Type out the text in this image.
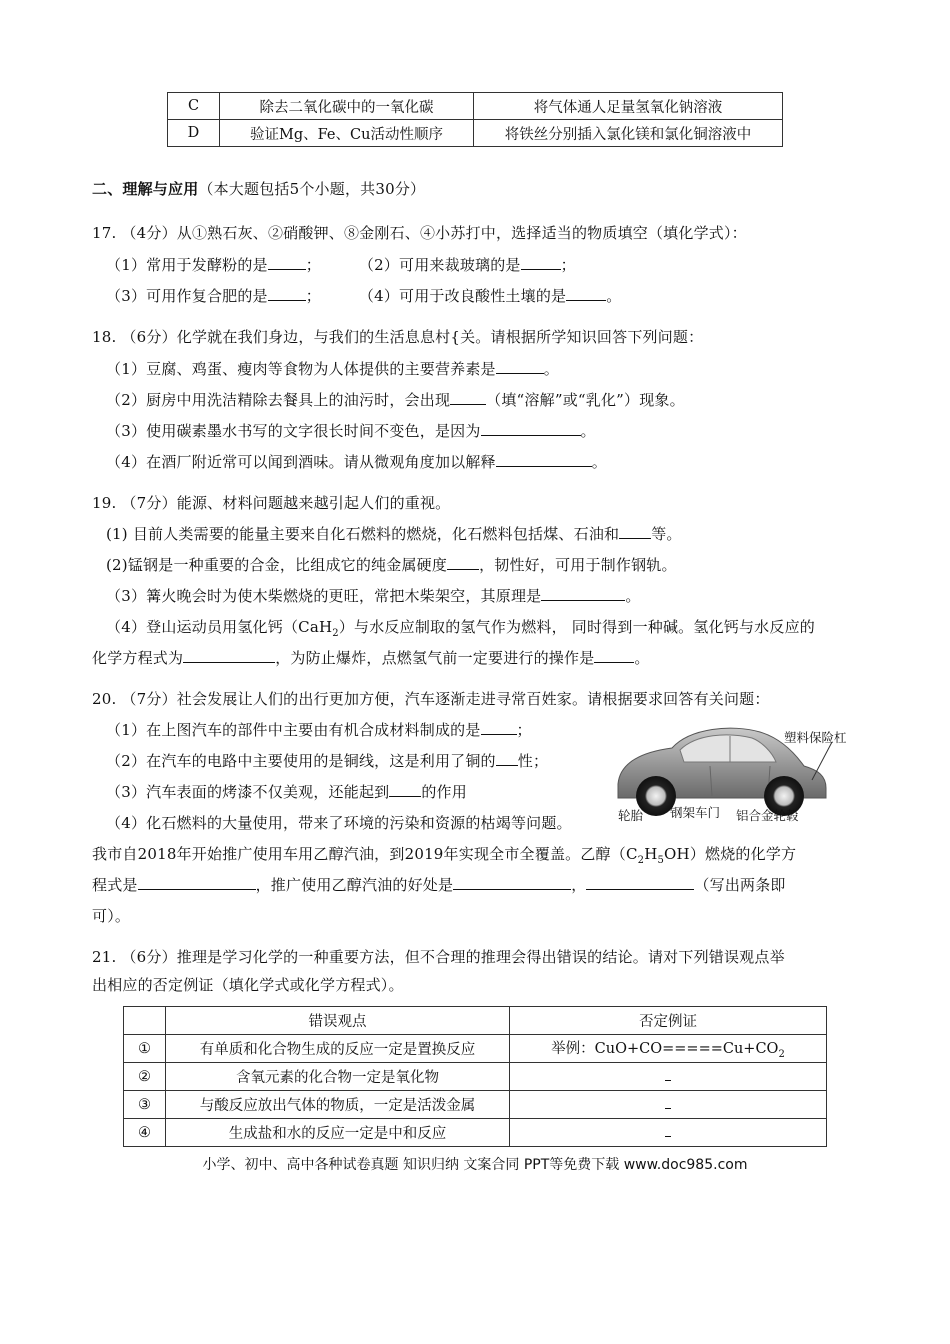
C	除去二氧化碳中的一氧化碳	将气体通人足量氢氧化钠溶液
D	验证Mg、Fe、Cu活动性顺序	将铁丝分别插入氯化镁和氯化铜溶液中
二、理解与应用（本大题包括5个小题，共30分）
17. （4分）从①熟石灰、②硝酸钾、⑧金刚石、④小苏打中，选择适当的物质填空（填化学式）：
（1）常用于发酵粉的是	；	（2）可用来裁玻璃的是	；
（3）可用作复合肥的是	；	（4）可用于改良酸性土壤的是	。
18. （6分）化学就在我们身边，与我们的生活息息村{关。请根据所学知识回答下列问题：
（1）豆腐、鸡蛋、瘦肉等食物为人体提供的主要营养素是	。
（2）厨房中用洗洁精除去餐具上的油污时，会出现 （填“溶解”或“乳化”）现象。
（3）使用碳素墨水书写的文字很长时间不变色，是因为	。
（4）在酒厂附近常可以闻到酒味。请从微观角度加以解释	。
19. （7分）能源、材料问题越来越引起人们的重视。
(1) 目前人类需要的能量主要来自化石燃料的燃烧，化石燃料包括煤、石油和 等。
(2)锰钢是一种重要的合金，比组成它的纯金属硬度 ，韧性好，可用于制作钢轨。
（3）篝火晚会时为使木柴燃烧的更旺，常把木柴架空，其原理是	。
（4）登山运动员用氢化钙（CaH$_2$）与水反应制取的氢气作为燃料， 同时得到一种碱。氢化钙与水反应的
化学方程式为	，为防止爆炸，点燃氢气前一定要进行的操作是	。
20. （7分）社会发展让人们的出行更加方便，汽车逐渐走进寻常百姓家。请根据要求回答有关问题：
（1）在上图汽车的部件中主要由有机合成材料制成的是 ；
（2）在汽车的电路中主要使用的是铜线，这是利用了铜的 性；
（3）汽车表面的烤漆不仅美观，还能起到 的作用
（4）化石燃料的大量使用，带来了环境的污染和资源的枯竭等问题。
我市自2018年开始推广使用车用乙醇汽油，到2019年实现全市全覆盖。乙醇$(C_2H_5OH)$燃烧的化学方
程式是	，推广使用乙醇汽油的好处是	，	（写出两条即
可）。
塑料保险杠
轮胎 钢架车门 铝合金轮毂
21. （6分）推理是学习化学的一种重要方法，但不合理的推理会得出错误的结论。请对下列错误观点举
出相应的否定例证（填化学式或化学方程式）。
	错误观点	否定例证
①	有单质和化合物生成的反应一定是置换反应	举例：$CuO+CO=====Cu+CO_2$
②	含氧元素的化合物一定是氧化物	
③	与酸反应放出气体的物质，一定是活泼金属	
④	生成盐和水的反应一定是中和反应	
小学、初中、高中各种试卷真题 知识归纳 文案合同 PPT等免费下载 www.doc985.com
